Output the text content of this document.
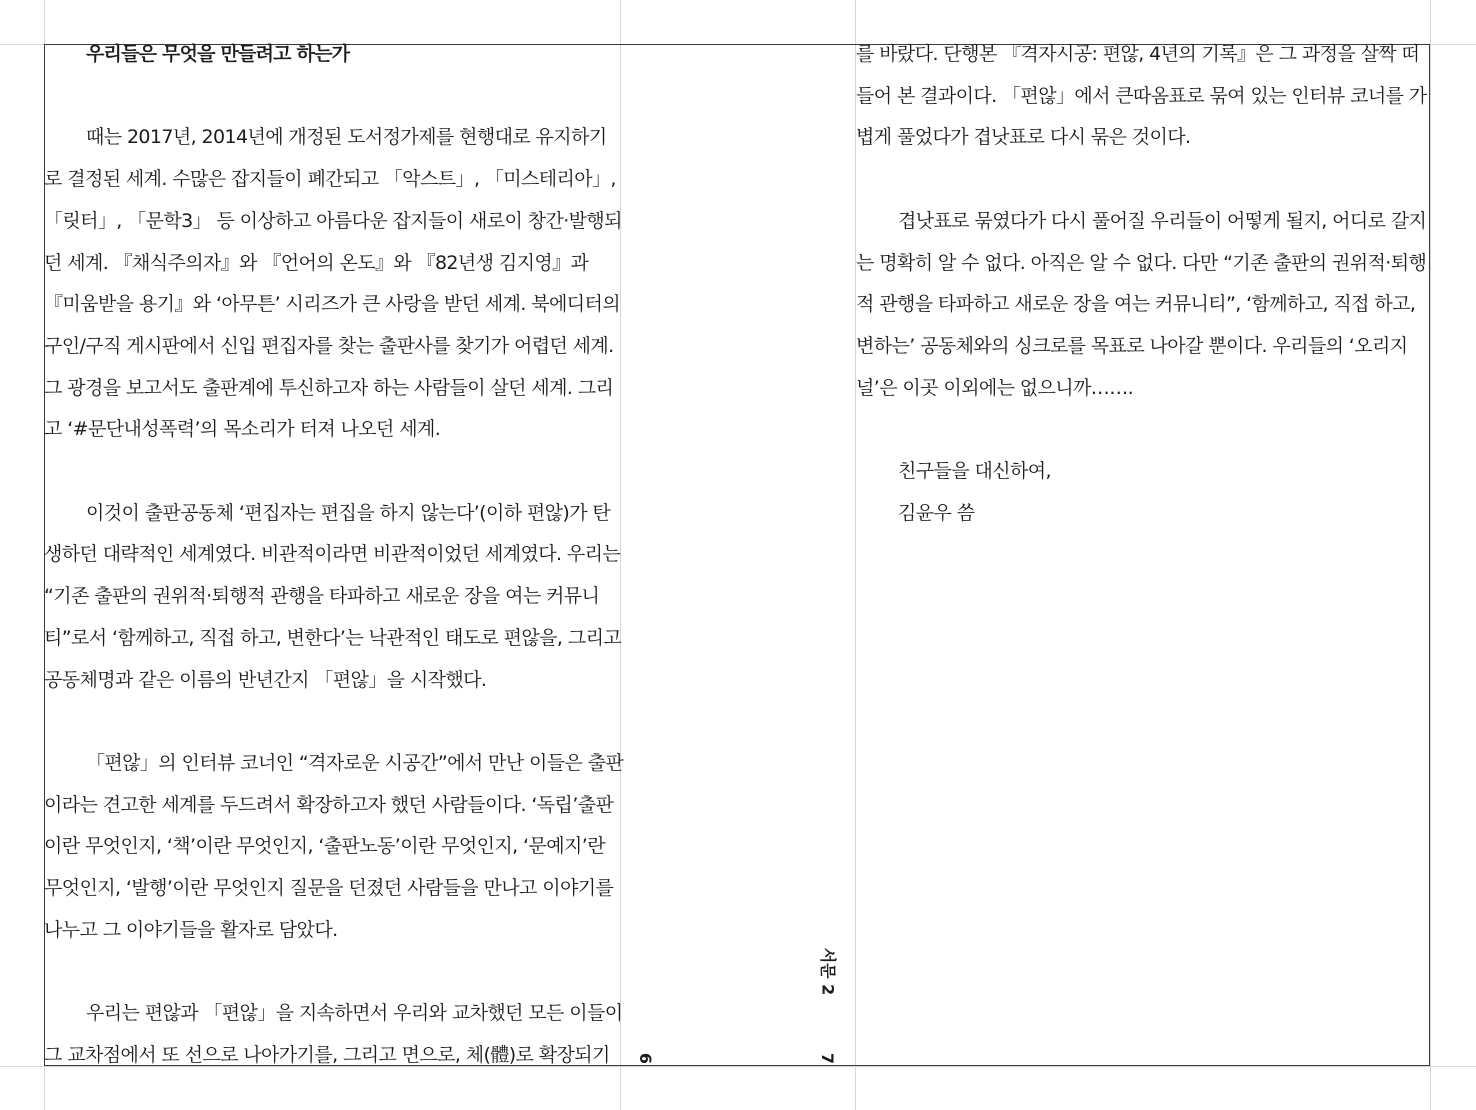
우리들은 무엇을 만들려고 하는가

때는 2017년, 2014년에 개정된 도서정가제를 현행대로 유지하기로 결정된 세계. 수많은 잡지들이 폐간되고 「악스트」, 「미스테리아」, 「릿터」, 「문학3」 등 이상하고 아름다운 잡지들이 새로이 창간·발행되던 세계. 『채식주의자』와 『언어의 온도』와 『82년생 김지영』과 『미움받을 용기』와 ‘아무튼’ 시리즈가 큰 사랑을 받던 세계. 북에디터의 구인/구직 게시판에서 신입 편집자를 찾는 출판사를 찾기가 어렵던 세계. 그 광경을 보고서도 출판계에 투신하고자 하는 사람들이 살던 세계. 그리고 ‘#문단내성폭력’의 목소리가 터져 나오던 세계.

이것이 출판공동체 ‘편집자는 편집을 하지 않는다’(이하 편않)가 탄생하던 대략적인 세계였다. 비관적이라면 비관적이었던 세계였다. 우리는 “기존 출판의 권위적·퇴행적 관행을 타파하고 새로운 장을 여는 커뮤니티”로서 ‘함께하고, 직접 하고, 변한다’는 낙관적인 태도로 편않을, 그리고 공동체명과 같은 이름의 반년간지 「편않」을 시작했다.

「편않」의 인터뷰 코너인 “격자로운 시공간”에서 만난 이들은 출판이라는 견고한 세계를 두드려서 확장하고자 했던 사람들이다. ‘독립’출판이란 무엇인지, ‘책’이란 무엇인지, ‘출판노동’이란 무엇인지, ‘문예지’란 무엇인지, ‘발행’이란 무엇인지 질문을 던졌던 사람들을 만나고 이야기를 나누고 그 이야기들을 활자로 담았다.

우리는 편않과 「편않」을 지속하면서 우리와 교차했던 모든 이들이 그 교차점에서 또 선으로 나아가기를, 그리고 면으로, 체(體)로 확장되기

를 바랐다. 단행본 『격자시공: 편않, 4년의 기록』은 그 과정을 살짝 떠들어 본 결과이다. 「편않」에서 큰따옴표로 묶여 있는 인터뷰 코너를 가볍게 풀었다가 겹낫표로 다시 묶은 것이다.

겹낫표로 묶였다가 다시 풀어질 우리들이 어떻게 될지, 어디로 갈지는 명확히 알 수 없다. 아직은 알 수 없다. 다만 “기존 출판의 권위적·퇴행적 관행을 타파하고 새로운 장을 여는 커뮤니티”, ‘함께하고, 직접 하고, 변하는’ 공동체와의 싱크로를 목표로 나아갈 뿐이다. 우리들의 ‘오리지널’은 이곳 이외에는 없으니까…….

친구들을 대신하여,

김윤우 씀

6	7
서문 2
